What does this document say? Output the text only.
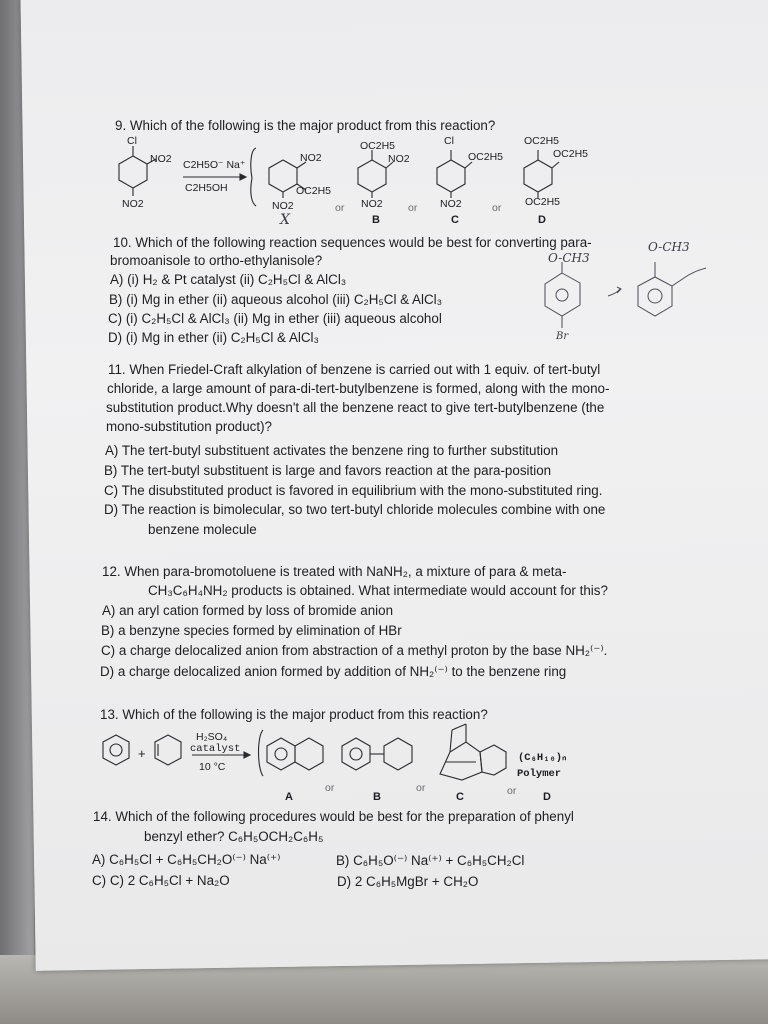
9. Which of the following is the major product from this reaction?
Cl
NO2
NO2
C2H5O⁻ Na⁺
C2H5OH
NO2
OC2H5
NO2
OC2H5
NO2
NO2
Cl
OC2H5
NO2
OC2H5
OC2H5
OC2H5
or	or	or
X	B	C	D
10. Which of the following reaction sequences would be best for converting para-
bromoanisole to ortho-ethylanisole?
A) (i) H₂ & Pt catalyst (ii) C₂H₅Cl & AlCl₃
B) (i) Mg in ether (ii) aqueous alcohol (iii) C₂H₅Cl & AlCl₃
C) (i) C₂H₅Cl & AlCl₃ (ii) Mg in ether (iii) aqueous alcohol
D) (i) Mg in ether (ii) C₂H₅Cl & AlCl₃
O-CH3
O-CH3
Br
11. When Friedel-Craft alkylation of benzene is carried out with 1 equiv. of tert-butyl
chloride, a large amount of para-di-tert-butylbenzene is formed, along with the mono-
substitution product.Why doesn't all the benzene react to give tert-butylbenzene (the
mono-substitution product)?
A) The tert-butyl substituent activates the benzene ring to further substitution
B) The tert-butyl substituent is large and favors reaction at the para-position
C) The disubstituted product is favored in equilibrium with the mono-substituted ring.
D) The reaction is bimolecular, so two tert-butyl chloride molecules combine with one
benzene molecule
12. When para-bromotoluene is treated with NaNH₂, a mixture of para & meta-
CH₃C₆H₄NH₂ products is obtained. What intermediate would account for this?
A) an aryl cation formed by loss of bromide anion
B) a benzyne species formed by elimination of HBr
C) a charge delocalized anion from abstraction of a methyl proton by the base NH₂⁽⁻⁾.
D) a charge delocalized anion formed by addition of NH₂⁽⁻⁾ to the benzene ring
13. Which of the following is the major product from this reaction?
+
H₂SO₄
catalyst
10 °C
(C₆H₁₀)ₙ
Polymer
or	or	or
A	B	C	D
14. Which of the following procedures would be best for the preparation of phenyl
benzyl ether? C₆H₅OCH₂C₆H₅
A) C₆H₅Cl + C₆H₅CH₂O⁽⁻⁾ Na⁽⁺⁾	B) C₆H₅O⁽⁻⁾ Na⁽⁺⁾ + C₆H₅CH₂Cl
C) C) 2 C₆H₅Cl + Na₂O	D) 2 C₆H₅MgBr + CH₂O
